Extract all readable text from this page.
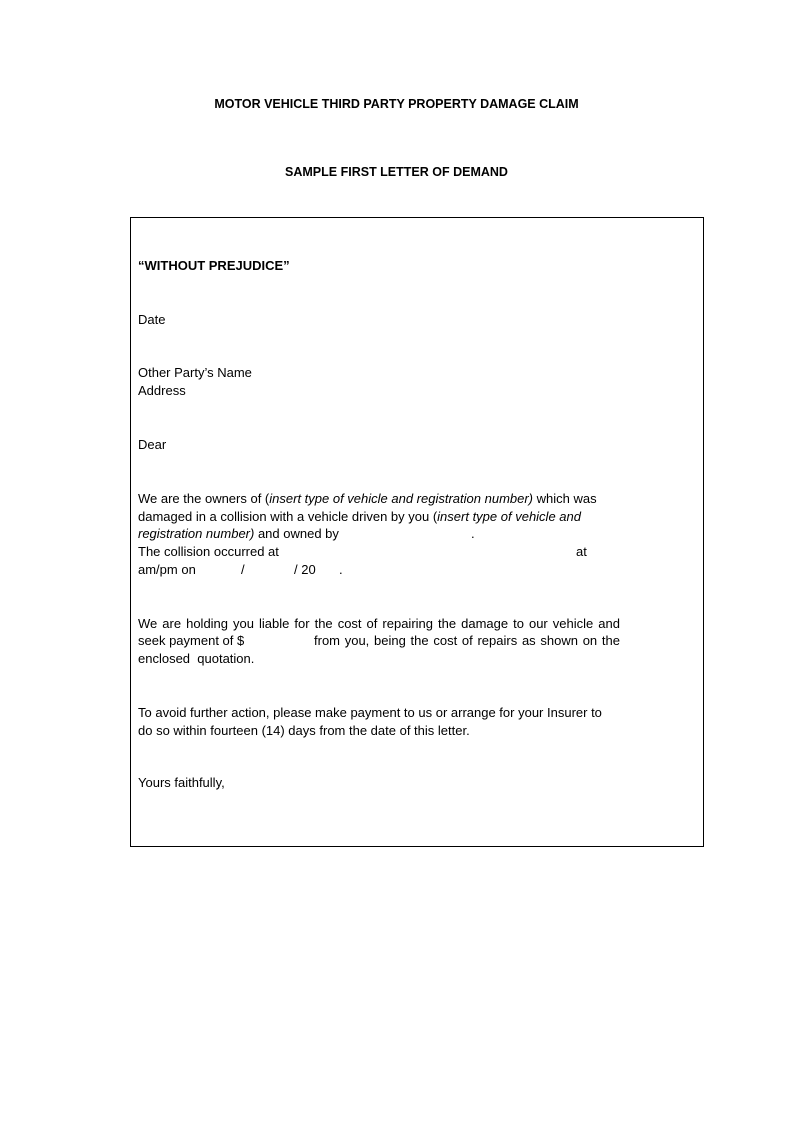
MOTOR VEHICLE THIRD PARTY PROPERTY DAMAGE CLAIM
SAMPLE FIRST LETTER OF DEMAND
“WITHOUT PREJUDICE”
Date
Other Party’s Name
Address
Dear
We are the owners of (insert type of vehicle and registration number) which was
damaged in a collision with a vehicle driven by you (insert type of vehicle and
registration number) and owned by	.
The collision occurred at	at
am/pm on	/	/ 20 .
We are holding you liable for the cost of repairing the damage to our vehicle and
seek payment of $	from you, being the cost of repairs as shown on the
enclosed  quotation.
To avoid further action, please make payment to us or arrange for your Insurer to
do so within fourteen (14) days from the date of this letter.
Yours faithfully,
